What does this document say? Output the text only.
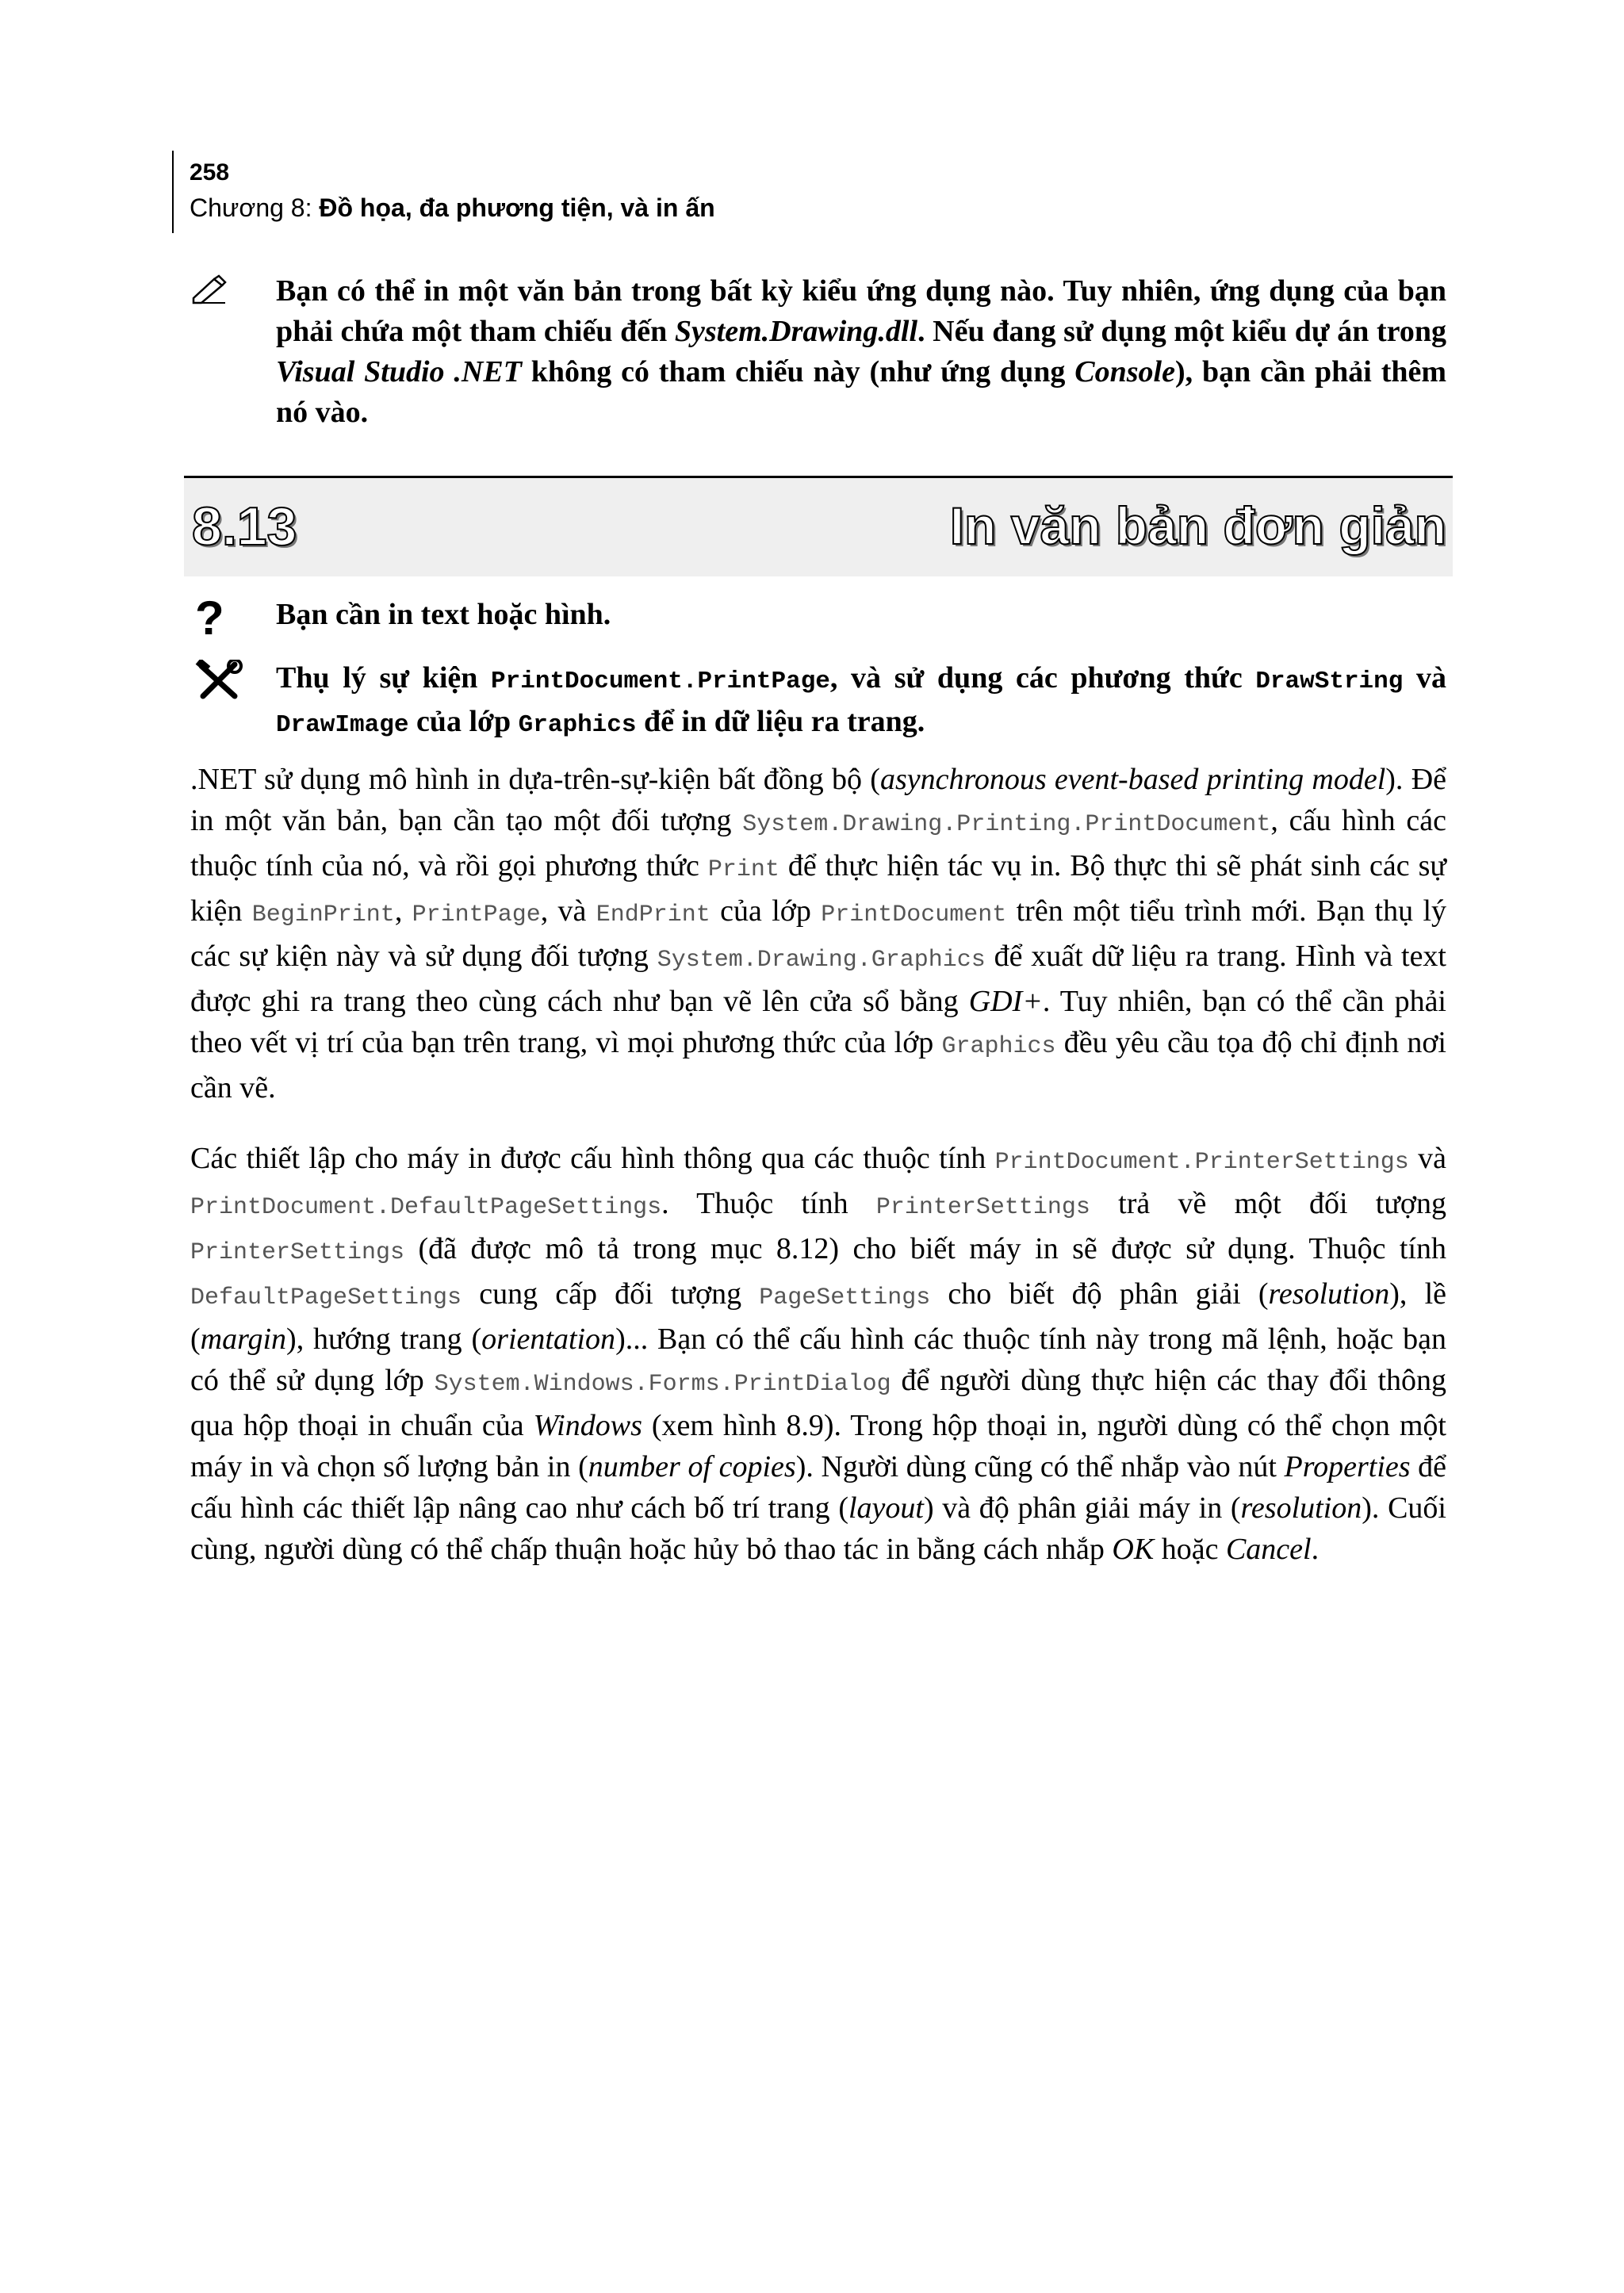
258
Chương 8: Đồ họa, đa phương tiện, và in ấn
Bạn có thể in một văn bản trong bất kỳ kiểu ứng dụng nào. Tuy nhiên, ứng dụng của bạn phải chứa một tham chiếu đến System.Drawing.dll. Nếu đang sử dụng một kiểu dự án trong Visual Studio .NET không có tham chiếu này (như ứng dụng Console), bạn cần phải thêm nó vào.
8.13	In văn bản đơn giản
? Bạn cần in text hoặc hình.
Thụ lý sự kiện PrintDocument.PrintPage, và sử dụng các phương thức DrawString và DrawImage của lớp Graphics để in dữ liệu ra trang.
.NET sử dụng mô hình in dựa-trên-sự-kiện bất đồng bộ (asynchronous event-based printing model). Để in một văn bản, bạn cần tạo một đối tượng System.Drawing.Printing.PrintDocument, cấu hình các thuộc tính của nó, và rồi gọi phương thức Print để thực hiện tác vụ in. Bộ thực thi sẽ phát sinh các sự kiện BeginPrint, PrintPage, và EndPrint của lớp PrintDocument trên một tiểu trình mới. Bạn thụ lý các sự kiện này và sử dụng đối tượng System.Drawing.Graphics để xuất dữ liệu ra trang. Hình và text được ghi ra trang theo cùng cách như bạn vẽ lên cửa sổ bằng GDI+. Tuy nhiên, bạn có thể cần phải theo vết vị trí của bạn trên trang, vì mọi phương thức của lớp Graphics đều yêu cầu tọa độ chỉ định nơi cần vẽ.
Các thiết lập cho máy in được cấu hình thông qua các thuộc tính PrintDocument.PrinterSettings và PrintDocument.DefaultPageSettings. Thuộc tính PrinterSettings trả về một đối tượng PrinterSettings (đã được mô tả trong mục 8.12) cho biết máy in sẽ được sử dụng. Thuộc tính DefaultPageSettings cung cấp đối tượng PageSettings cho biết độ phân giải (resolution), lề (margin), hướng trang (orientation)... Bạn có thể cấu hình các thuộc tính này trong mã lệnh, hoặc bạn có thể sử dụng lớp System.Windows.Forms.PrintDialog để người dùng thực hiện các thay đổi thông qua hộp thoại in chuẩn của Windows (xem hình 8.9). Trong hộp thoại in, người dùng có thể chọn một máy in và chọn số lượng bản in (number of copies). Người dùng cũng có thể nhắp vào nút Properties để cấu hình các thiết lập nâng cao như cách bố trí trang (layout) và độ phân giải máy in (resolution). Cuối cùng, người dùng có thể chấp thuận hoặc hủy bỏ thao tác in bằng cách nhắp OK hoặc Cancel.
